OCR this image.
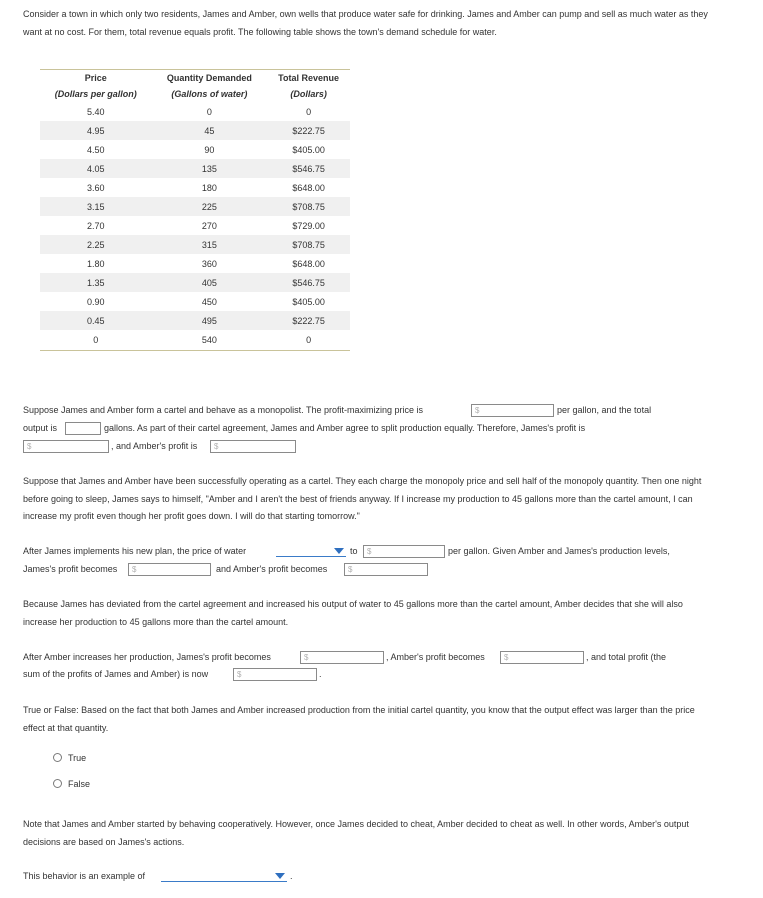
Consider a town in which only two residents, James and Amber, own wells that produce water safe for drinking. James and Amber can pump and sell as much water as they want at no cost. For them, total revenue equals profit. The following table shows the town's demand schedule for water.
Price	Quantity Demanded	Total Revenue
(Dollars per gallon)	(Gallons of water)	(Dollars)
5.40	0	0
4.95	45	$222.75
4.50	90	$405.00
4.05	135	$546.75
3.60	180	$648.00
3.15	225	$708.75
2.70	270	$729.00
2.25	315	$708.75
1.80	360	$648.00
1.35	405	$546.75
0.90	450	$405.00
0.45	495	$222.75
0	540	0
Suppose James and Amber form a cartel and behave as a monopolist. The profit-maximizing price is	$	per gallon, and the total
output is	gallons. As part of their cartel agreement, James and Amber agree to split production equally. Therefore, James's profit is
$	, and Amber's profit is $
Suppose that James and Amber have been successfully operating as a cartel. They each charge the monopoly price and sell half of the monopoly quantity. Then one night before going to sleep, James says to himself, "Amber and I aren't the best of friends anyway. If I increase my production to 45 gallons more than the cartel amount, I can increase my profit even though her profit goes down. I will do that starting tomorrow."
After James implements his new plan, the price of water	to $	per gallon. Given Amber and James's production levels,
James's profit becomes $	and Amber's profit becomes	$
Because James has deviated from the cartel agreement and increased his output of water to 45 gallons more than the cartel amount, Amber decides that she will also increase her production to 45 gallons more than the cartel amount.
After Amber increases her production, James's profit becomes	$	, Amber's profit becomes $	, and total profit (the
sum of the profits of James and Amber) is now	$	.
True or False: Based on the fact that both James and Amber increased production from the initial cartel quantity, you know that the output effect was larger than the price effect at that quantity.
True
False
Note that James and Amber started by behaving cooperatively. However, once James decided to cheat, Amber decided to cheat as well. In other words, Amber's output decisions are based on James's actions.
This behavior is an example of	.
